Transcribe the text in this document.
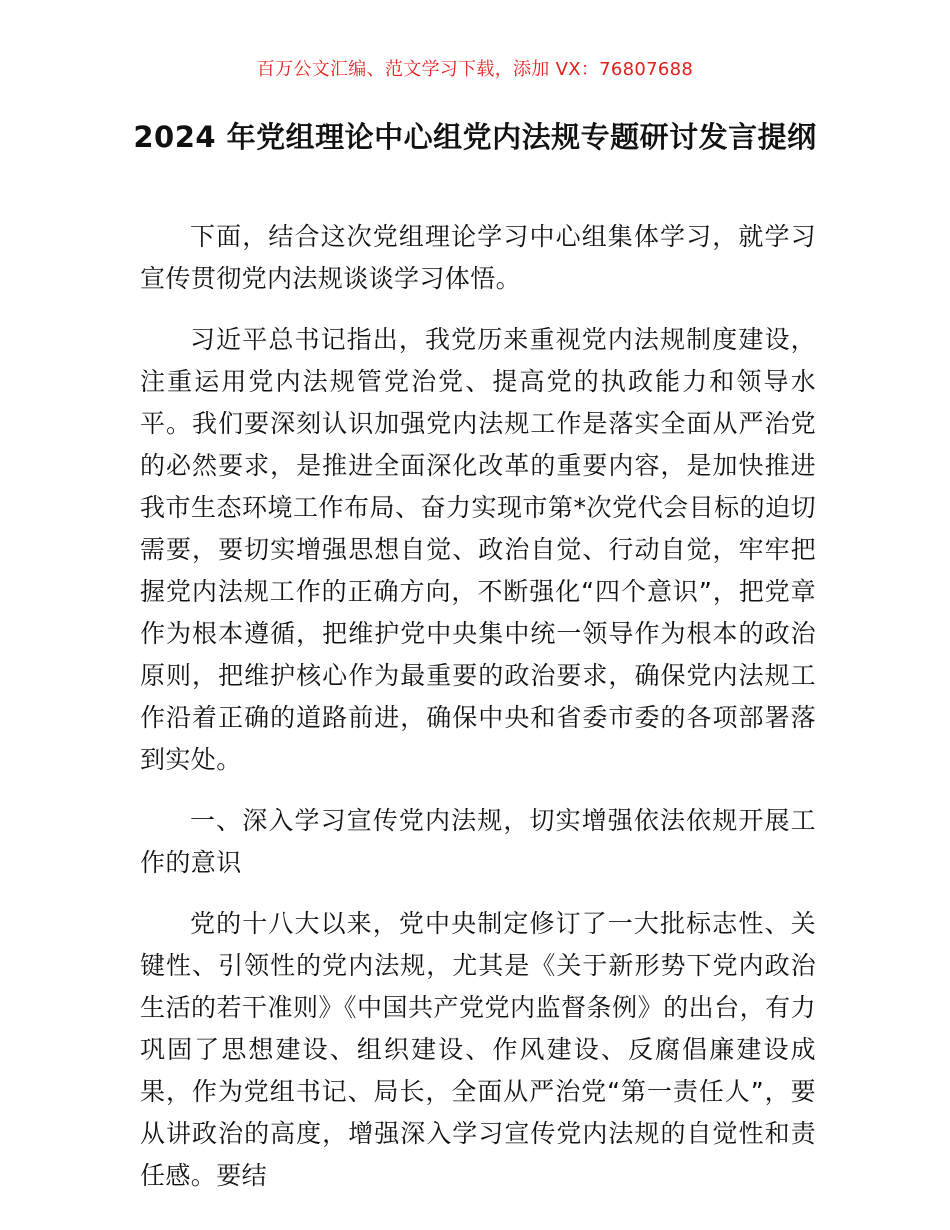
百万公文汇编、范文学习下载，添加 VX：76807688
2024 年党组理论中心组党内法规专题研讨发言提纲

下面，结合这次党组理论学习中心组集体学习，就学习宣传贯彻党内法规谈谈学习体悟。

习近平总书记指出，我党历来重视党内法规制度建设，注重运用党内法规管党治党、提高党的执政能力和领导水平。我们要深刻认识加强党内法规工作是落实全面从严治党的必然要求，是推进全面深化改革的重要内容，是加快推进我市生态环境工作布局、奋力实现市第*次党代会目标的迫切需要，要切实增强思想自觉、政治自觉、行动自觉，牢牢把握党内法规工作的正确方向，不断强化“四个意识”，把党章作为根本遵循，把维护党中央集中统一领导作为根本的政治原则，把维护核心作为最重要的政治要求，确保党内法规工作沿着正确的道路前进，确保中央和省委市委的各项部署落到实处。

一、深入学习宣传党内法规，切实增强依法依规开展工作的意识

党的十八大以来，党中央制定修订了一大批标志性、关键性、引领性的党内法规，尤其是《关于新形势下党内政治生活的若干准则》《中国共产党党内监督条例》的出台，有力巩固了思想建设、组织建设、作风建设、反腐倡廉建设成果，作为党组书记、局长，全面从严治党“第一责任人”，要从讲政治的高度，增强深入学习宣传党内法规的自觉性和责任感。要结
